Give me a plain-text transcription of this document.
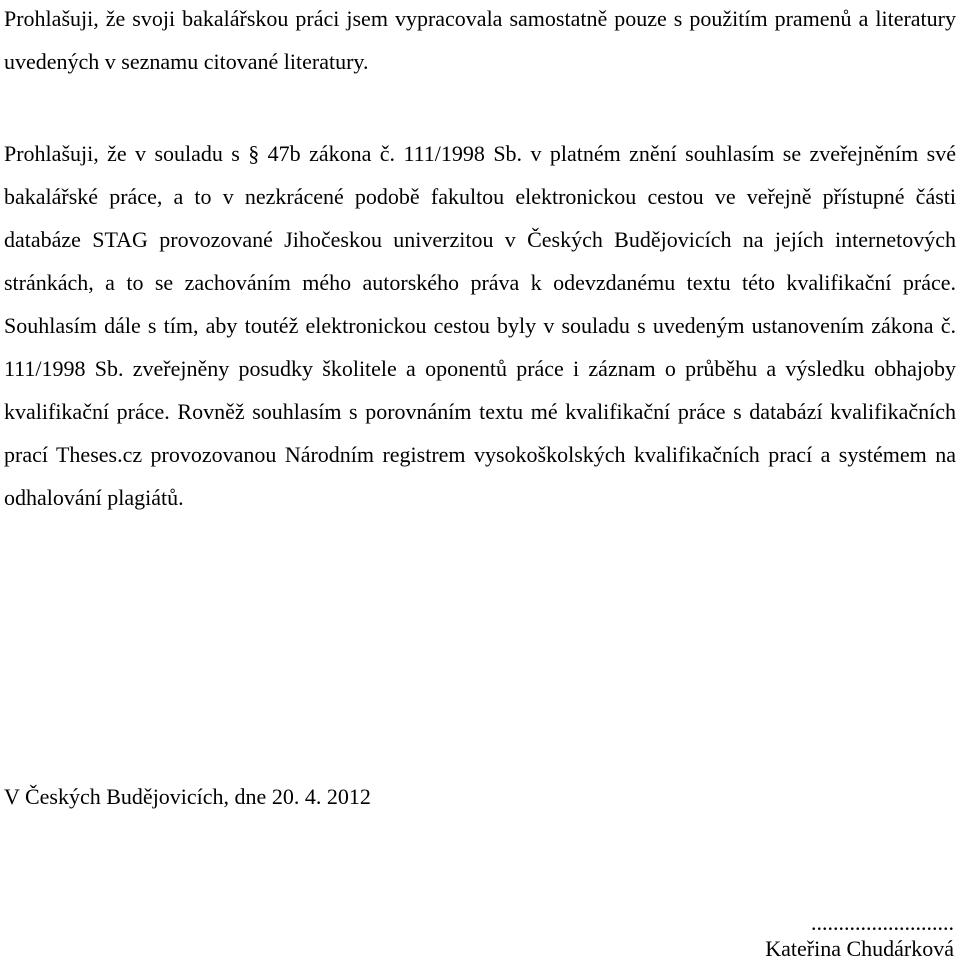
Prohlašuji, že svoji bakalářskou práci jsem vypracovala samostatně pouze s použitím pramenů a literatury uvedených v seznamu citované literatury.

Prohlašuji, že v souladu s § 47b zákona č. 111/1998 Sb. v platném znění souhlasím se zveřejněním své bakalářské práce, a to v nezkrácené podobě fakultou elektronickou cestou ve veřejně přístupné části databáze STAG provozované Jihočeskou univerzitou v Českých Budějovicích na jejích internetových stránkách, a to se zachováním mého autorského práva k odevzdanému textu této kvalifikační práce. Souhlasím dále s tím, aby toutéž elektronickou cestou byly v souladu s uvedeným ustanovením zákona č. 111/1998 Sb. zveřejněny posudky školitele a oponentů práce i záznam o průběhu a výsledku obhajoby kvalifikační práce. Rovněž souhlasím s porovnáním textu mé kvalifikační práce s databází kvalifikačních prací Theses.cz provozovanou Národním registrem vysokoškolských kvalifikačních prací a systémem na odhalování plagiátů.

V Českých Budějovicích, dne 20. 4. 2012

..........................
Kateřina Chudárková
